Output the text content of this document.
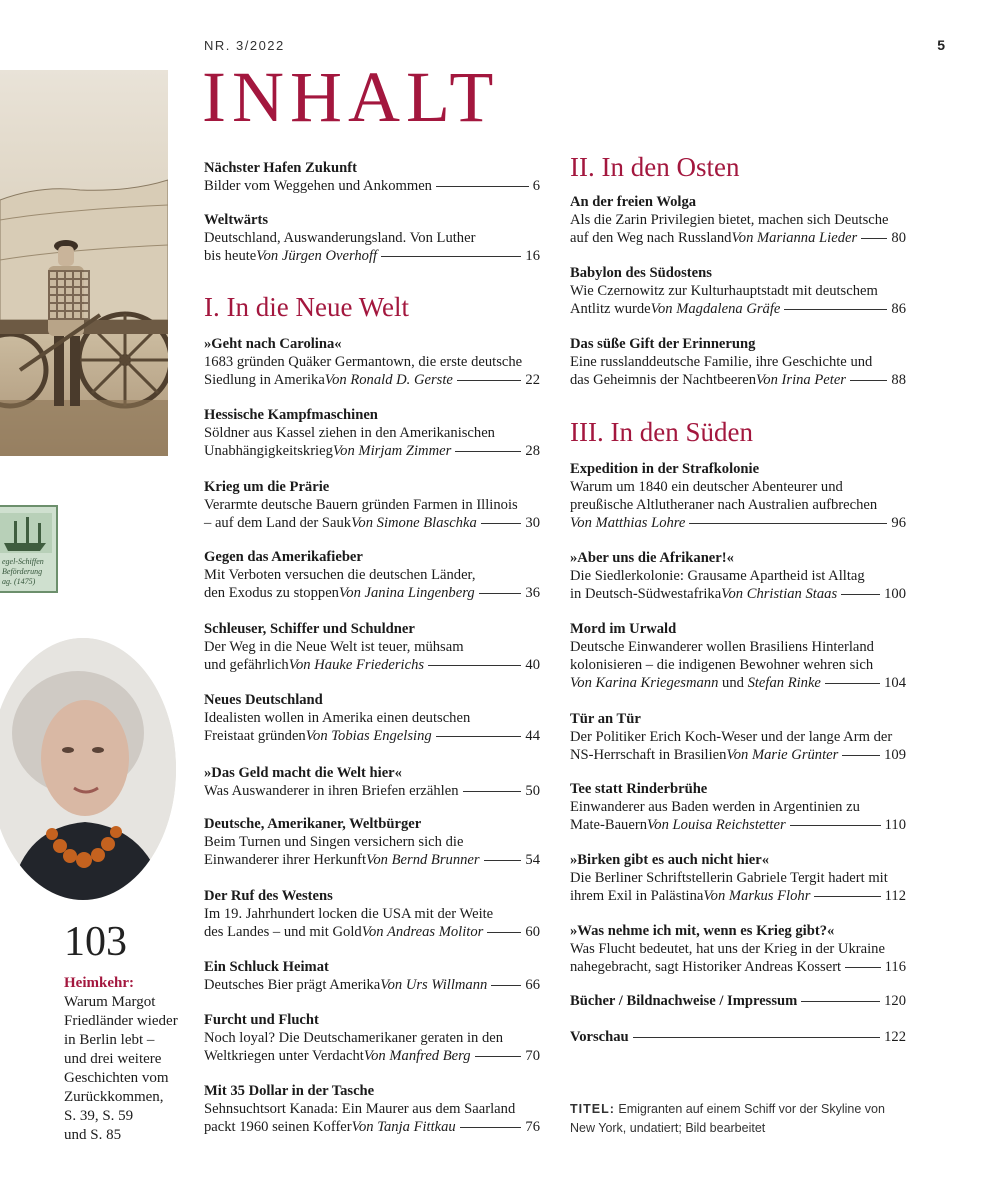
NR. 3/2022	5
INHALT
egel-Schiffen
Beförderung
ag. (1475)
103
Heimkehr:
Warum Margot
Friedländer wieder
in Berlin lebt –
und drei weitere
Geschichten vom
Zurückkommen,
S. 39, S. 59
und S. 85
Nächster Hafen Zukunft
Bilder vom Weggehen und Ankommen	6
Weltwärts
Deutschland, Auswanderungsland. Von Luther
bis heute Von Jürgen Overhoff	16
I. In die Neue Welt
»Geht nach Carolina«
1683 gründen Quäker Germantown, die erste deutsche
Siedlung in Amerika Von Ronald D. Gerste	22
Hessische Kampfmaschinen
Söldner aus Kassel ziehen in den Amerikanischen
Unabhängigkeitskrieg Von Mirjam Zimmer	28
Krieg um die Prärie
Verarmte deutsche Bauern gründen Farmen in Illinois
– auf dem Land der Sauk Von Simone Blaschka	30
Gegen das Amerikafieber
Mit Verboten versuchen die deutschen Länder,
den Exodus zu stoppen Von Janina Lingenberg	36
Schleuser, Schiffer und Schuldner
Der Weg in die Neue Welt ist teuer, mühsam
und gefährlich Von Hauke Friederichs	40
Neues Deutschland
Idealisten wollen in Amerika einen deutschen
Freistaat gründen Von Tobias Engelsing	44
»Das Geld macht die Welt hier«
Was Auswanderer in ihren Briefen erzählen	50
Deutsche, Amerikaner, Weltbürger
Beim Turnen und Singen versichern sich die
Einwanderer ihrer Herkunft Von Bernd Brunner	54
Der Ruf des Westens
Im 19. Jahrhundert locken die USA mit der Weite
des Landes – und mit Gold Von Andreas Molitor	60
Ein Schluck Heimat
Deutsches Bier prägt Amerika Von Urs Willmann	66
Furcht und Flucht
Noch loyal? Die Deutschamerikaner geraten in den
Weltkriegen unter Verdacht Von Manfred Berg	70
Mit 35 Dollar in der Tasche
Sehnsuchtsort Kanada: Ein Maurer aus dem Saarland
packt 1960 seinen Koffer Von Tanja Fittkau	76
II. In den Osten
An der freien Wolga
Als die Zarin Privilegien bietet, machen sich Deutsche
auf den Weg nach Russland Von Marianna Lieder 80
Babylon des Südostens
Wie Czernowitz zur Kulturhauptstadt mit deutschem
Antlitz wurde Von Magdalena Gräfe	86
Das süße Gift der Erinnerung
Eine russlanddeutsche Familie, ihre Geschichte und
das Geheimnis der Nachtbeeren Von Irina Peter	88
III. In den Süden
Expedition in der Strafkolonie
Warum um 1840 ein deutscher Abenteurer und
preußische Altlutheraner nach Australien aufbrechen
Von Matthias Lohre	96
»Aber uns die Afrikaner!«
Die Siedlerkolonie: Grausame Apartheid ist Alltag
in Deutsch-Südwestafrika Von Christian Staas	100
Mord im Urwald
Deutsche Einwanderer wollen Brasiliens Hinterland
kolonisieren – die indigenen Bewohner wehren sich
Von Karina Kriegesmann und Stefan Rinke	104
Tür an Tür
Der Politiker Erich Koch-Weser und der lange Arm der
NS-Herrschaft in Brasilien Von Marie Grünter	109
Tee statt Rinderbrühe
Einwanderer aus Baden werden in Argentinien zu
Mate-Bauern Von Louisa Reichstetter	110
»Birken gibt es auch nicht hier«
Die Berliner Schriftstellerin Gabriele Tergit hadert mit
ihrem Exil in Palästina Von Markus Flohr	112
»Was nehme ich mit, wenn es Krieg gibt?«
Was Flucht bedeutet, hat uns der Krieg in der Ukraine
nahegebracht, sagt Historiker Andreas Kossert	116
Bücher / Bildnachweise / Impressum	120
Vorschau	122
TITEL: Emigranten auf einem Schiff vor der Skyline von New York, undatiert; Bild bearbeitet
